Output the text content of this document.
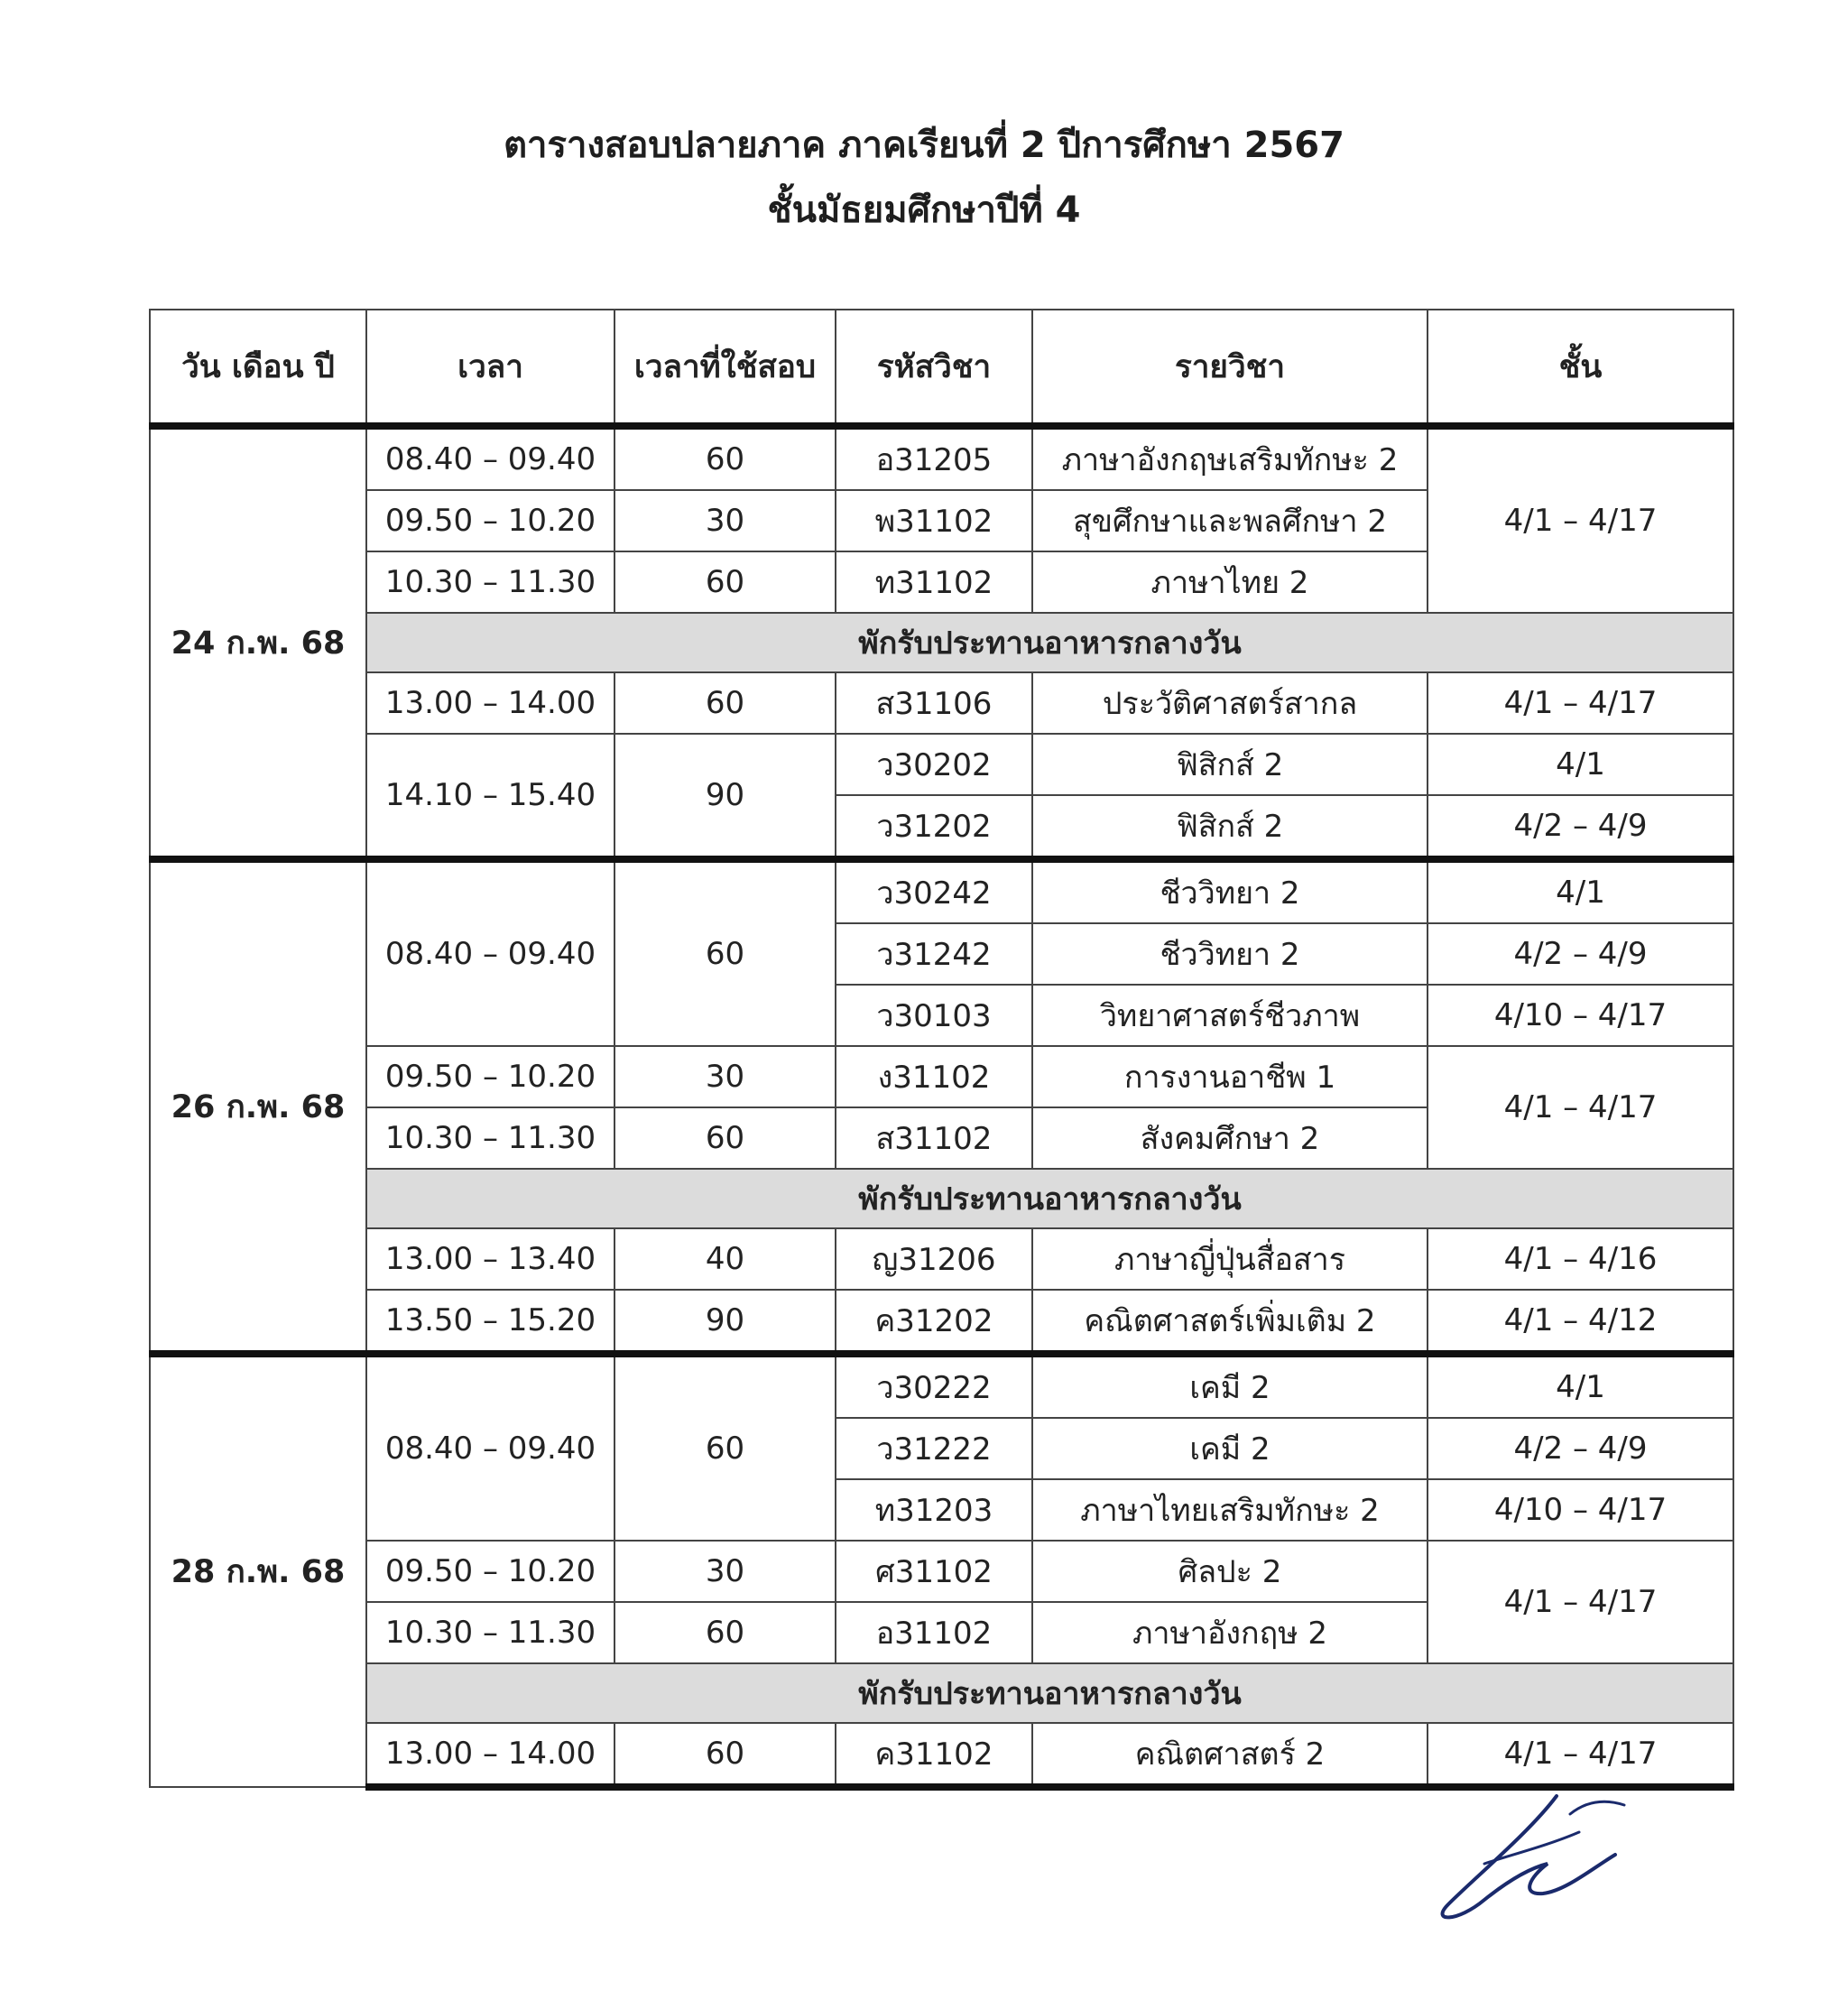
ตารางสอบปลายภาค ภาคเรียนที่ 2 ปีการศึกษา 2567
ชั้นมัธยมศึกษาปีที่ 4
วัน เดือน ปี	เวลา	เวลาที่ใช้สอบ	รหัสวิชา	รายวิชา	ชั้น
24 ก.พ. 68	08.40 – 09.40	60	อ31205	ภาษาอังกฤษเสริมทักษะ 2	4/1 – 4/17
	09.50 – 10.20	30	พ31102	สุขศึกษาและพลศึกษา 2	
	10.30 – 11.30	60	ท31102	ภาษาไทย 2	
	พักรับประทานอาหารกลางวัน				
	13.00 – 14.00	60	ส31106	ประวัติศาสตร์สากล	4/1 – 4/17
	14.10 – 15.40	90	ว30202	ฟิสิกส์ 2	4/1
			ว31202	ฟิสิกส์ 2	4/2 – 4/9
26 ก.พ. 68	08.40 – 09.40	60	ว30242	ชีววิทยา 2	4/1
			ว31242	ชีววิทยา 2	4/2 – 4/9
			ว30103	วิทยาศาสตร์ชีวภาพ	4/10 – 4/17
	09.50 – 10.20	30	ง31102	การงานอาชีพ 1	4/1 – 4/17
	10.30 – 11.30	60	ส31102	สังคมศึกษา 2	
	พักรับประทานอาหารกลางวัน				
	13.00 – 13.40	40	ญ31206	ภาษาญี่ปุ่นสื่อสาร	4/1 – 4/16
	13.50 – 15.20	90	ค31202	คณิตศาสตร์เพิ่มเติม 2	4/1 – 4/12
28 ก.พ. 68	08.40 – 09.40	60	ว30222	เคมี 2	4/1
			ว31222	เคมี 2	4/2 – 4/9
			ท31203	ภาษาไทยเสริมทักษะ 2	4/10 – 4/17
	09.50 – 10.20	30	ศ31102	ศิลปะ 2	4/1 – 4/17
	10.30 – 11.30	60	อ31102	ภาษาอังกฤษ 2	
	พักรับประทานอาหารกลางวัน				
	13.00 – 14.00	60	ค31102	คณิตศาสตร์ 2	4/1 – 4/17
